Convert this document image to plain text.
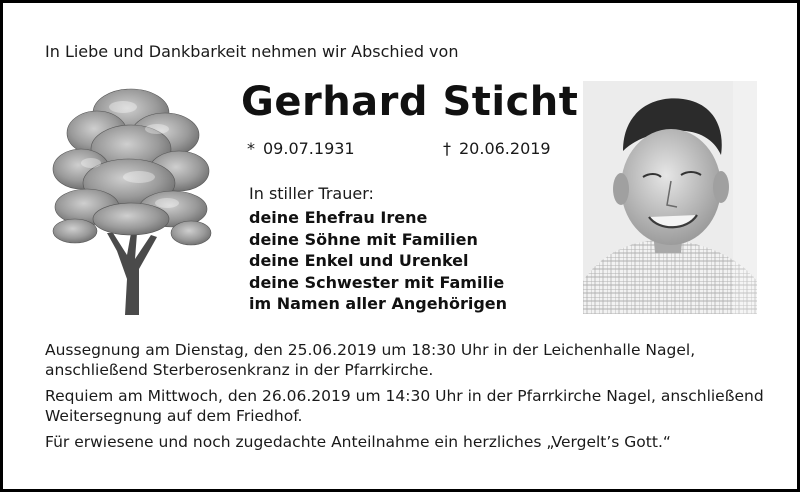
In Liebe und Dankbarkeit nehmen wir Abschied von
Gerhard Sticht
* 09.07.1931	† 20.06.2019
In stiller Trauer:
deine Ehefrau Irene
deine Söhne mit Familien
deine Enkel und Urenkel
deine Schwester mit Familie
im Namen aller Angehörigen

Aussegnung am Dienstag, den 25.06.2019 um 18:30 Uhr in der Leichenhalle Nagel, anschließend Sterberosenkranz in der Pfarrkirche.

Requiem am Mittwoch, den 26.06.2019 um 14:30 Uhr in der Pfarrkirche Nagel, anschließend Weitersegnung auf dem Friedhof.

Für erwiesene und noch zugedachte Anteilnahme ein herzliches „Vergelt’s Gott.“
